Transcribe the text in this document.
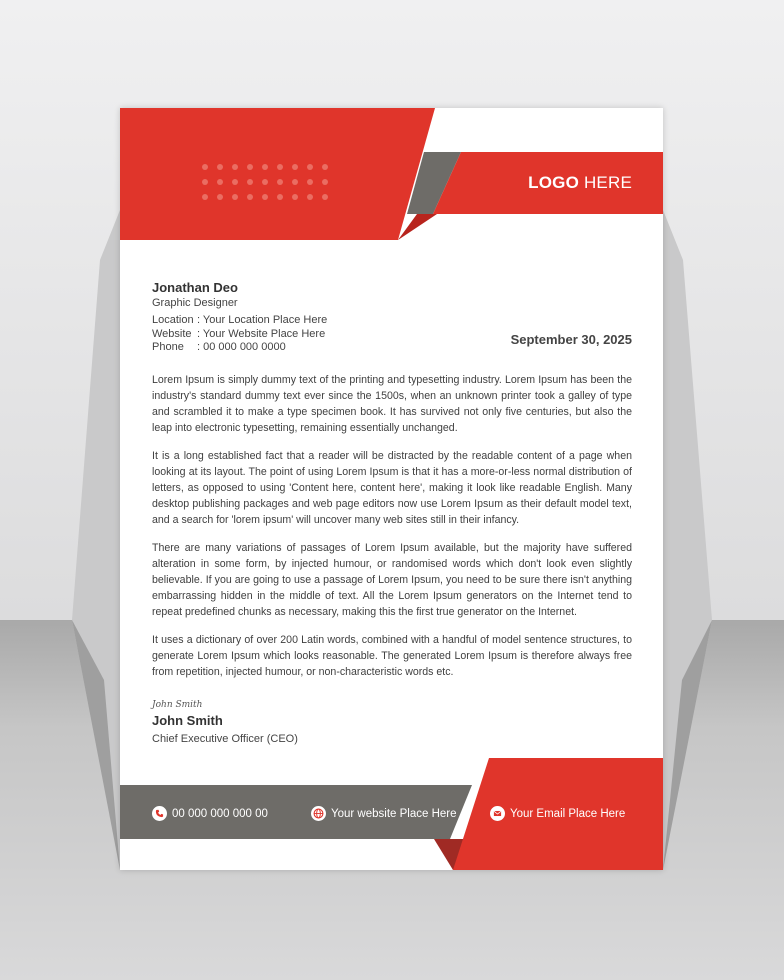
LOGO HERE
Jonathan Deo
Graphic Designer
Location : Your Location Place Here
Website : Your Website Place Here
Phone	: 00 000 000 0000	September 30, 2025

Lorem Ipsum is simply dummy text of the printing and typesetting industry. Lorem Ipsum has been the industry's standard dummy text ever since the 1500s, when an unknown printer took a galley of type and scrambled it to make a type specimen book. It has survived not only five centuries, but also the leap into electronic typesetting, remaining essentially unchanged.

It is a long established fact that a reader will be distracted by the readable content of a page when looking at its layout. The point of using Lorem Ipsum is that it has a more-or-less normal distribution of letters, as opposed to using 'Content here, content here', making it look like readable English. Many desktop publishing packages and web page editors now use Lorem Ipsum as their default model text, and a search for 'lorem ipsum' will uncover many web sites still in their infancy.

There are many variations of passages of Lorem Ipsum available, but the majority have suffered alteration in some form, by injected humour, or randomised words which don't look even slightly believable. If you are going to use a passage of Lorem Ipsum, you need to be sure there isn't anything embarrassing hidden in the middle of text. All the Lorem Ipsum generators on the Internet tend to repeat predefined chunks as necessary, making this the first true generator on the Internet.

It uses a dictionary of over 200 Latin words, combined with a handful of model sentence structures, to generate Lorem Ipsum which looks reasonable. The generated Lorem Ipsum is therefore always free from repetition, injected humour, or non-characteristic words etc.

John Smith
John Smith
Chief Executive Officer (CEO)
00 000 000 000 00	Your website Place Here	Your Email Place Here
